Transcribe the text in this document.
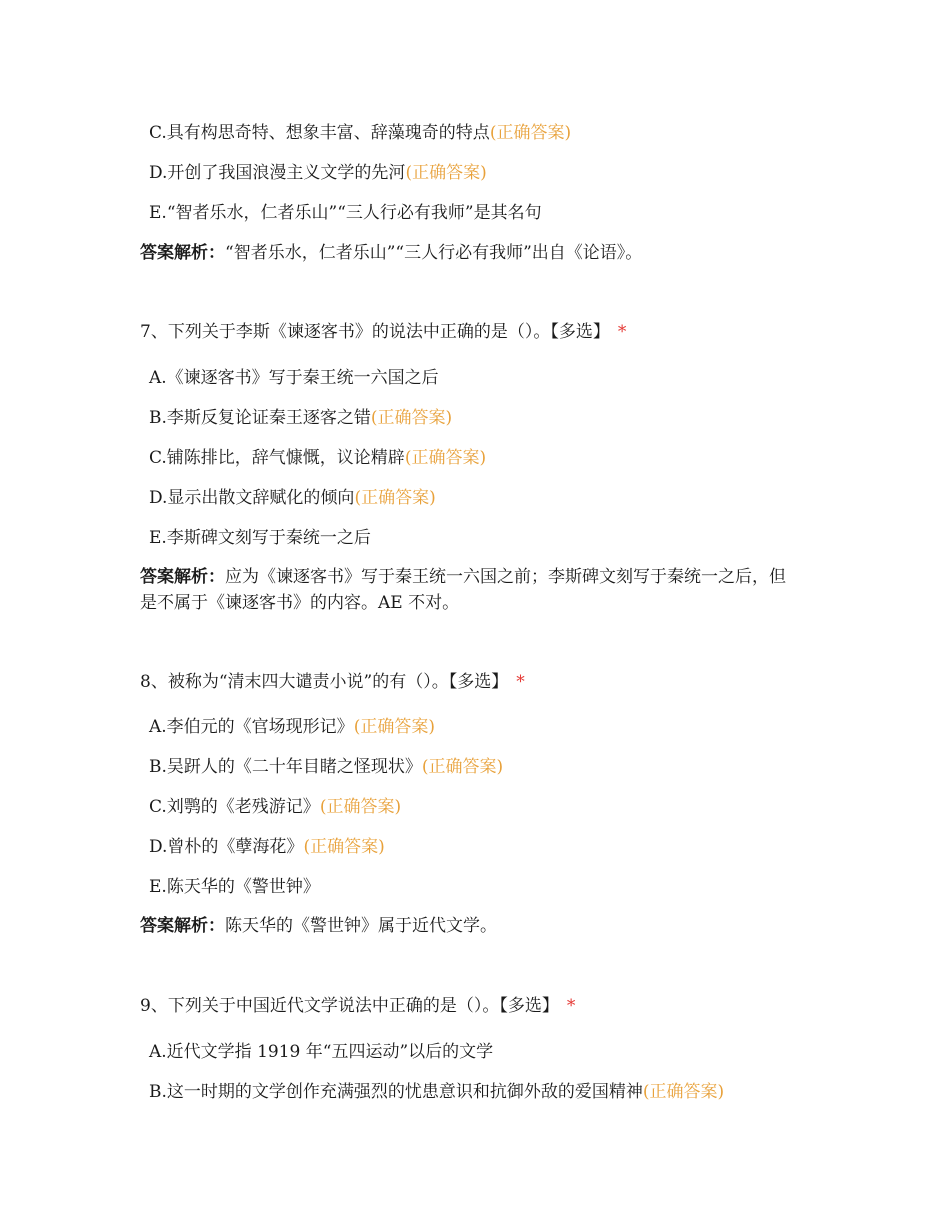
C.具有构思奇特、想象丰富、辞藻瑰奇的特点(正确答案)
D.开创了我国浪漫主义文学的先河(正确答案)
E.“智者乐水，仁者乐山”“三人行必有我师”是其名句
答案解析：“智者乐水，仁者乐山”“三人行必有我师”出自《论语》。
7、下列关于李斯《谏逐客书》的说法中正确的是（）。【多选】 *
A.《谏逐客书》写于秦王统一六国之后
B.李斯反复论证秦王逐客之错(正确答案)
C.铺陈排比，辞气慷慨，议论精辟(正确答案)
D.显示出散文辞赋化的倾向(正确答案)
E.李斯碑文刻写于秦统一之后
答案解析：应为《谏逐客书》写于秦王统一六国之前；李斯碑文刻写于秦统一之后，但是不属于《谏逐客书》的内容。AE 不对。
8、被称为“清末四大谴责小说”的有（）。【多选】 *
A.李伯元的《官场现形记》(正确答案)
B.吴趼人的《二十年目睹之怪现状》(正确答案)
C.刘鹗的《老残游记》(正确答案)
D.曾朴的《孽海花》(正确答案)
E.陈天华的《警世钟》
答案解析：陈天华的《警世钟》属于近代文学。
9、下列关于中国近代文学说法中正确的是（）。【多选】 *
A.近代文学指 1919 年“五四运动”以后的文学
B.这一时期的文学创作充满强烈的忧患意识和抗御外敌的爱国精神(正确答案)
